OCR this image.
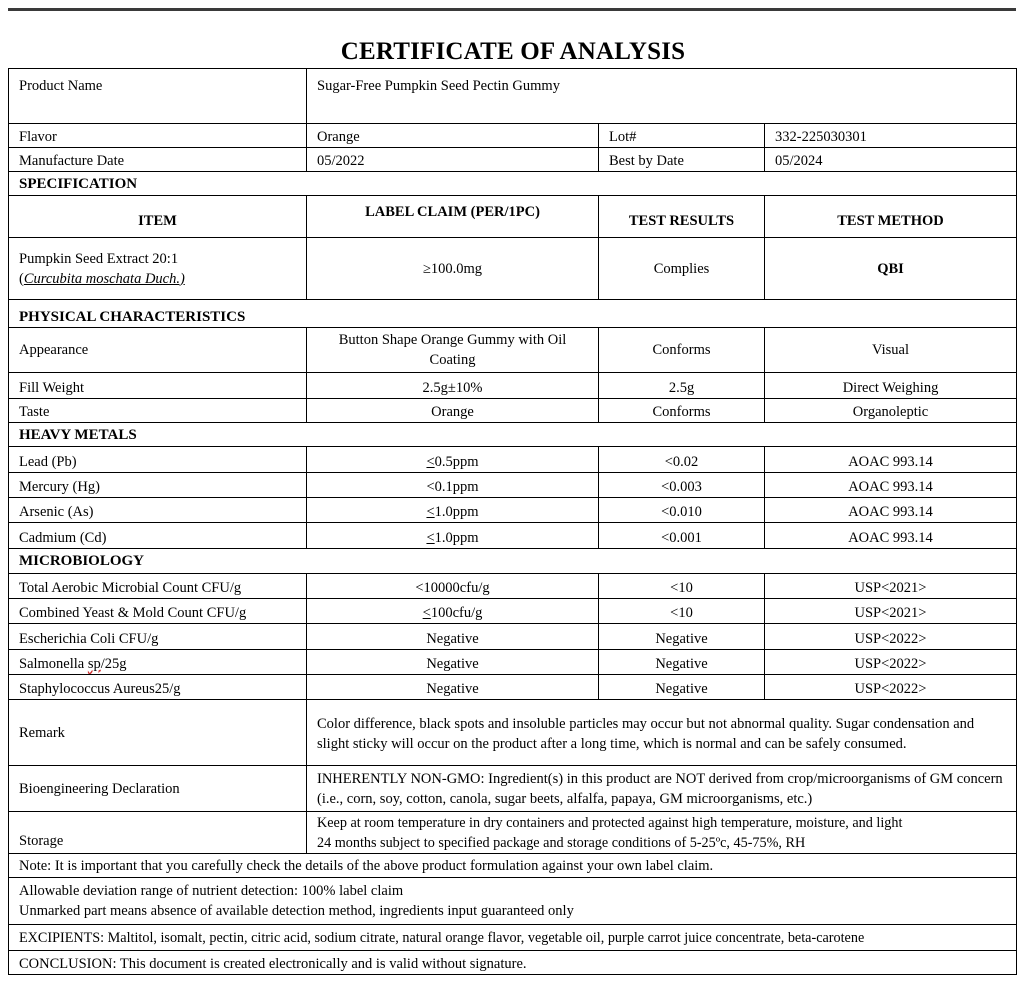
CERTIFICATE OF ANALYSIS
Product Name	Sugar-Free Pumpkin Seed Pectin Gummy		
Flavor	Orange	Lot#	332-225030301
Manufacture Date	05/2022	Best by Date	05/2024
SPECIFICATION			
ITEM	LABEL CLAIM (PER/1PC)	TEST RESULTS	TEST METHOD

Pumpkin Seed Extract 20:1
(Curcubita moschata Duch.)	≥100.0mg	Complies	QBI
PHYSICAL CHARACTERISTICS			
Appearance	Button Shape Orange Gummy with Oil Coating	Conforms	Visual
Fill Weight	2.5g±10%	2.5g	Direct Weighing
Taste	Orange	Conforms	Organoleptic
HEAVY METALS			
Lead (Pb)	≤0.5ppm	<0.02	AOAC 993.14
Mercury (Hg)	<0.1ppm	<0.003	AOAC 993.14
Arsenic (As)	≤1.0ppm	<0.010	AOAC 993.14
Cadmium (Cd)	≤1.0ppm	<0.001	AOAC 993.14
MICROBIOLOGY			
Total Aerobic Microbial Count CFU/g	<10000cfu/g	<10	USP<2021>
Combined Yeast & Mold Count CFU/g	≤100cfu/g	<10	USP<2021>
Escherichia Coli CFU/g	Negative	Negative	USP<2022>
Salmonella sp/25g	Negative	Negative	USP<2022>
Staphylococcus Aureus25/g	Negative	Negative	USP<2022>
Remark	Color difference, black spots and insoluble particles may occur but not abnormal quality. Sugar condensation and slight sticky will occur on the product after a long time, which is normal and can be safely consumed.		
Bioengineering Declaration	INHERENTLY NON-GMO: Ingredient(s) in this product are NOT derived from crop/microorganisms of GM concern (i.e., corn, soy, cotton, canola, sugar beets, alfalfa, papaya, GM microorganisms, etc.)		
Storage	Keep at room temperature in dry containers and protected against high temperature, moisture, and light
24 months subject to specified package and storage conditions of 5-25ºc, 45-75%, RH		

Note: It is important that you carefully check the details of the above product formulation against your own label claim.			

Allowable deviation range of nutrient detection: 100% label claim
Unmarked part means absence of available detection method, ingredients input guaranteed only			

EXCIPIENTS: Maltitol, isomalt, pectin, citric acid, sodium citrate, natural orange flavor, vegetable oil, purple carrot juice concentrate, beta-carotene			
CONCLUSION: This document is created electronically and is valid without signature.			
